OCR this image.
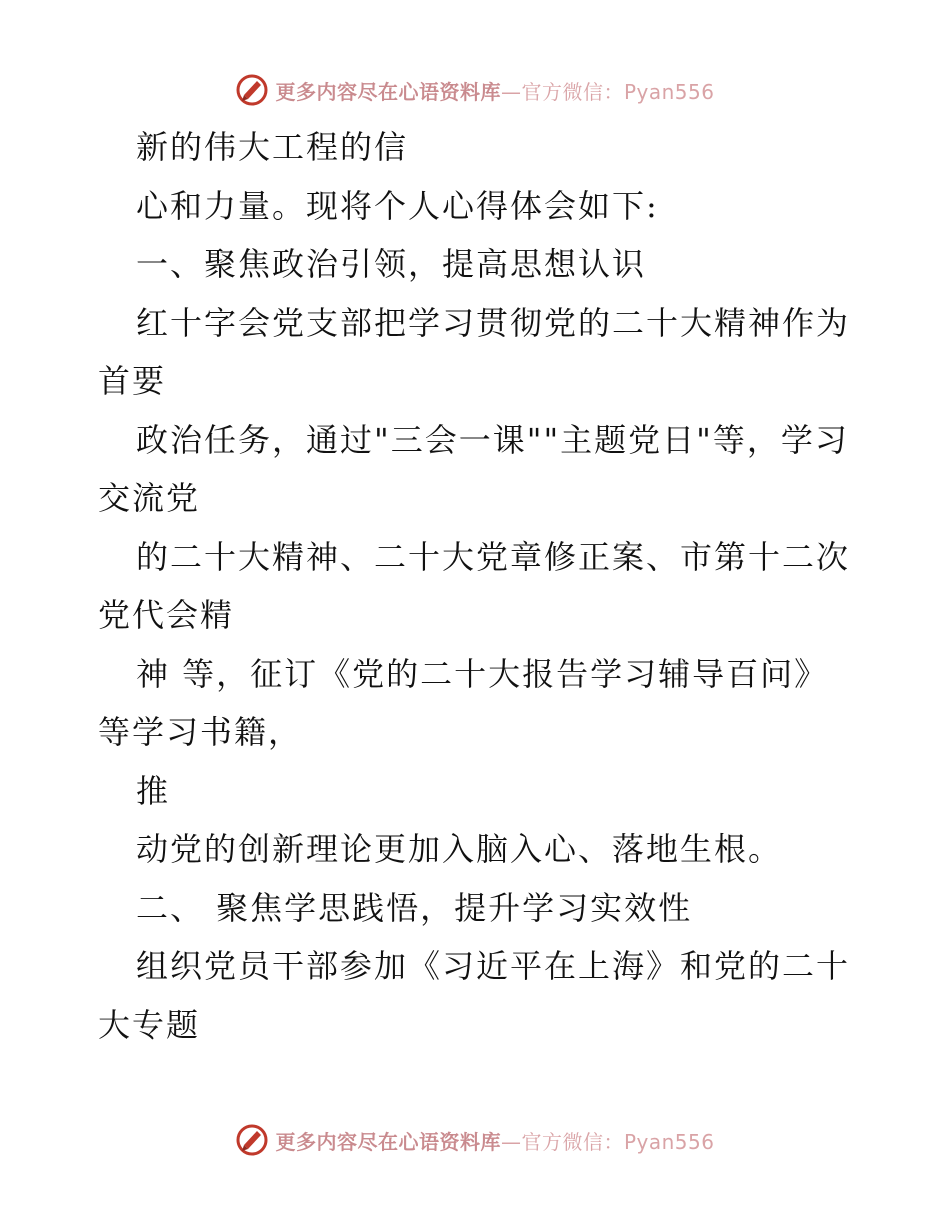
更多内容尽在心语资料库—官方微信：Pyan556
新的伟大工程的信
心和力量。现将个人心得体会如下:
一、聚焦政治引领，提高思想认识
红十字会党支部把学习贯彻党的二十大精神作为
首要
政治任务，通过"三会一课""主题党日"等，学习
交流党
的二十大精神、二十大党章修正案、市第十二次
党代会精
神 等，征订《党的二十大报告学习辅导百问》
等学习书籍，
推
动党的创新理论更加入脑入心、落地生根。
二、 聚焦学思践悟，提升学习实效性
组织党员干部参加《习近平在上海》和党的二十
大专题
更多内容尽在心语资料库—官方微信：Pyan556
